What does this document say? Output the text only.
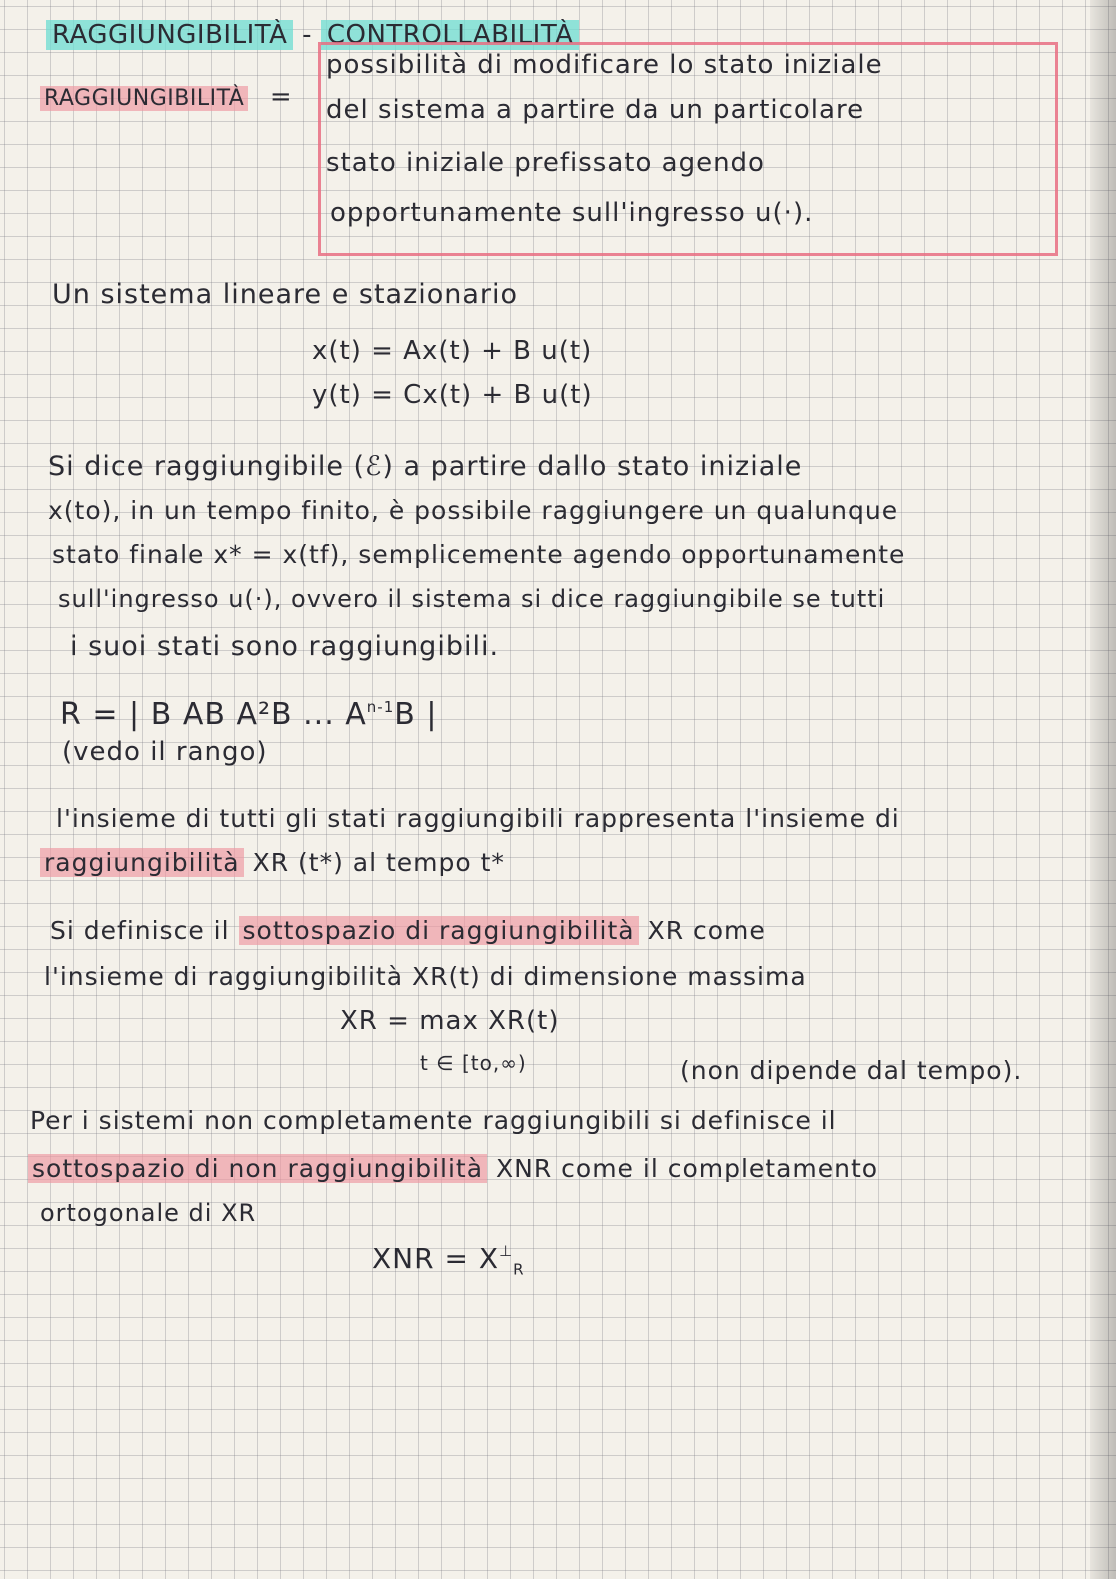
RAGGIUNGIBILITÀ - CONTROLLABILITÀ
RAGGIUNGIBILITÀ =
possibilità di modificare lo stato iniziale
del sistema a partire da un particolare
stato iniziale prefissato agendo
opportunamente sull'ingresso u(·).
Un sistema lineare e stazionario
x(t) = Ax(t) + B u(t)
y(t) = Cx(t) + B u(t)
Si dice raggiungibile (ℰ) a partire dallo stato iniziale
x(to), in un tempo finito, è possibile raggiungere un qualunque
stato finale x* = x(tf), semplicemente agendo opportunamente
sull'ingresso u(·), ovvero il sistema si dice raggiungibile se tutti
i suoi stati sono raggiungibili.
R = | B AB A²B ... $A^{n-1}B$ |
(vedo il rango)
l'insieme di tutti gli stati raggiungibili rappresenta l'insieme di
raggiungibilità XR (t*) al tempo t*
Si definisce il sottospazio di raggiungibilità XR come
l'insieme di raggiungibilità XR(t) di dimensione massima
XR = max XR(t)
t ∈ [to,∞)	(non dipende dal tempo).
Per i sistemi non completamente raggiungibili si definisce il
sottospazio di non raggiungibilità XNR come il completamento
ortogonale di XR
XNR = $X^\perp_R$
